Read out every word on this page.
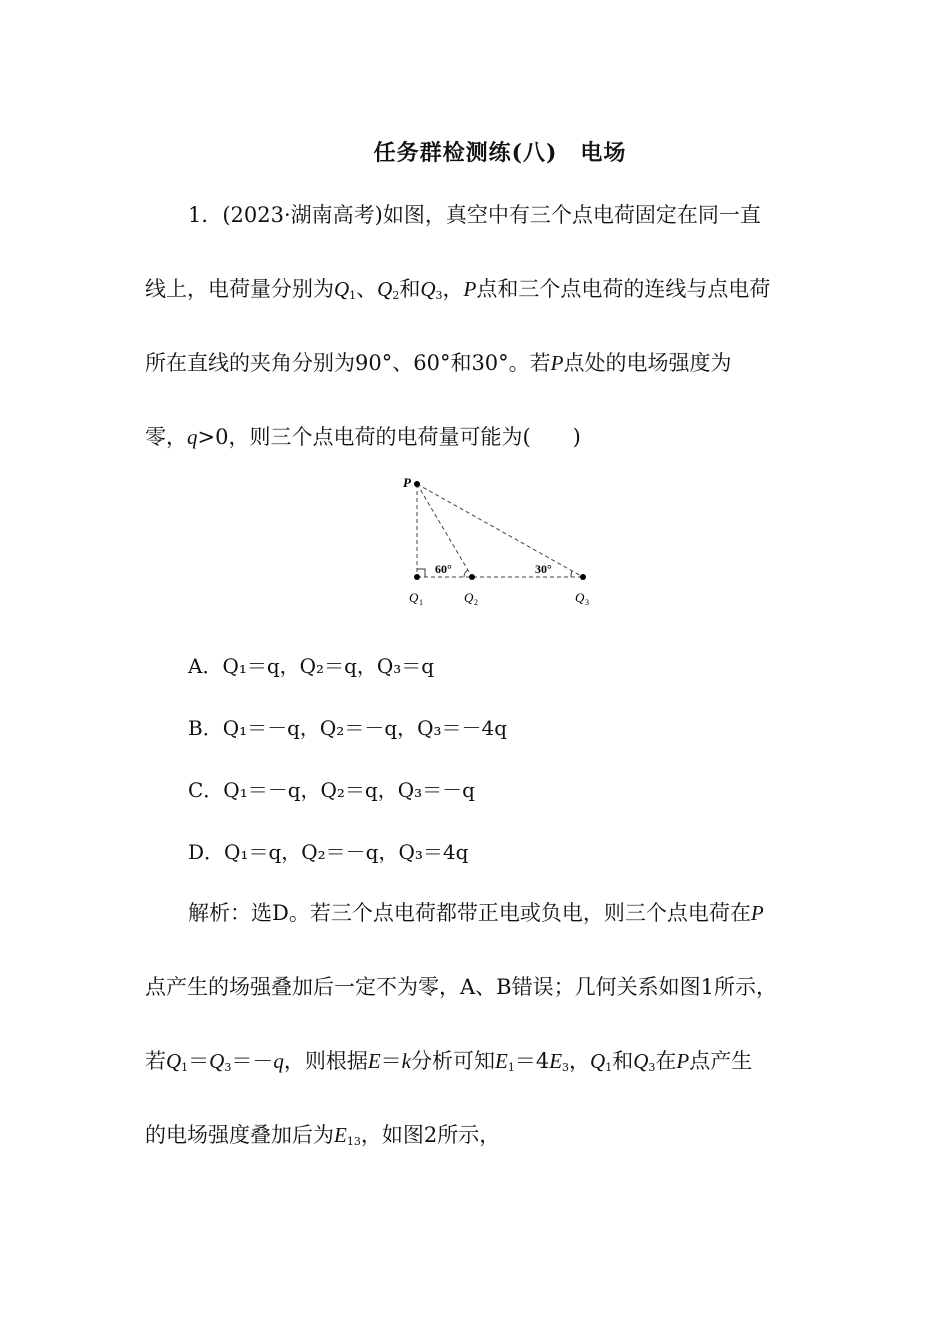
任务群检测练(八)　电场
1．(2023·湖南高考)如图，真空中有三个点电荷固定在同一直
线上，电荷量分别为$Q_1$、$Q_2$和$Q_3$，P点和三个点电荷的连线与点电荷
所在直线的夹角分别为90°、60°和30°。若P点处的电场强度为
零，q>0，则三个点电荷的电荷量可能为(　　)
P
60°	30°
Q 1	Q 2	Q 3
A．Q₁＝q，Q₂＝q，Q₃＝q
B．Q₁＝－q，Q₂＝－q，Q₃＝－4q
C．Q₁＝－q，Q₂＝q，Q₃＝－q
D．Q₁＝q，Q₂＝－q，Q₃＝4q
解析：选D。若三个点电荷都带正电或负电，则三个点电荷在P
点产生的场强叠加后一定不为零，A、B错误；几何关系如图1所示，
若$Q_1=Q_3=-q$，则根据E＝k分析可知$E_1=4E_3$，$Q_1$和$Q_3$在P点产生
的电场强度叠加后为$E_{13}$，如图2所示，
